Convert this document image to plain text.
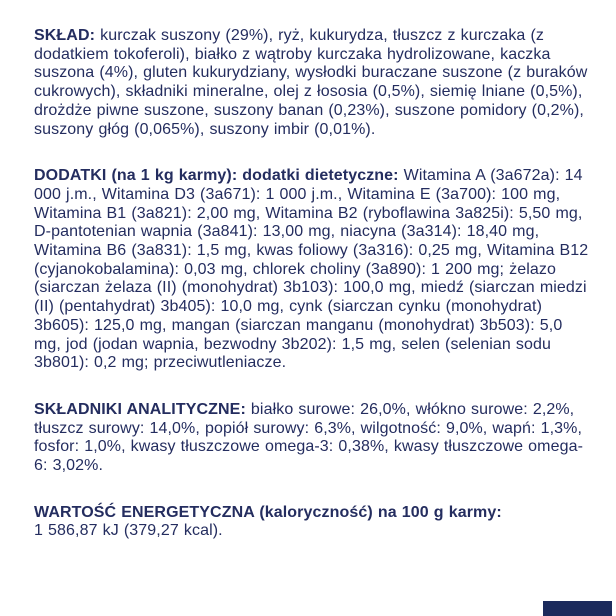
SKŁAD: kurczak suszony (29%), ryż, kukurydza, tłuszcz z kurczaka (z dodatkiem tokoferoli), białko z wątroby kurczaka hydrolizowane, kaczka suszona (4%), gluten kukurydziany, wysłodki buraczane suszone (z buraków cukrowych), składniki mineralne, olej z łososia (0,5%), siemię lniane (0,5%), drożdże piwne suszone, suszony banan (0,23%), suszone pomidory (0,2%), suszony głóg (0,065%), suszony imbir (0,01%).

DODATKI (na 1 kg karmy): dodatki dietetyczne: Witamina A (3a672a): 14 000 j.m., Witamina D3 (3a671): 1 000 j.m., Witamina E (3a700): 100 mg, Witamina B1 (3a821): 2,00 mg, Witamina B2 (ryboflawina 3a825i): 5,50 mg, D-pantotenian wapnia (3a841): 13,00 mg, niacyna (3a314): 18,40 mg, Witamina B6 (3a831): 1,5 mg, kwas foliowy (3a316): 0,25 mg, Witamina B12 (cyjanokobalamina): 0,03 mg, chlorek choliny (3a890): 1 200 mg; żelazo (siarczan żelaza (II) (monohydrat) 3b103): 100,0 mg, miedź (siarczan miedzi (II) (pentahydrat) 3b405): 10,0 mg, cynk (siarczan cynku (monohydrat) 3b605): 125,0 mg, mangan (siarczan manganu (monohydrat) 3b503): 5,0 mg, jod (jodan wapnia, bezwodny 3b202): 1,5 mg, selen (selenian sodu 3b801): 0,2 mg; przeciwutleniacze.

SKŁADNIKI ANALITYCZNE: białko surowe: 26,0%, włókno surowe: 2,2%, tłuszcz surowy: 14,0%, popiół surowy: 6,3%, wilgotność: 9,0%, wapń: 1,3%, fosfor: 1,0%, kwasy tłuszczowe omega-3: 0,38%, kwasy tłuszczowe omega-6: 3,02%.

WARTOŚĆ ENERGETYCZNA (kaloryczność) na 100 g karmy:
1 586,87 kJ (379,27 kcal).
